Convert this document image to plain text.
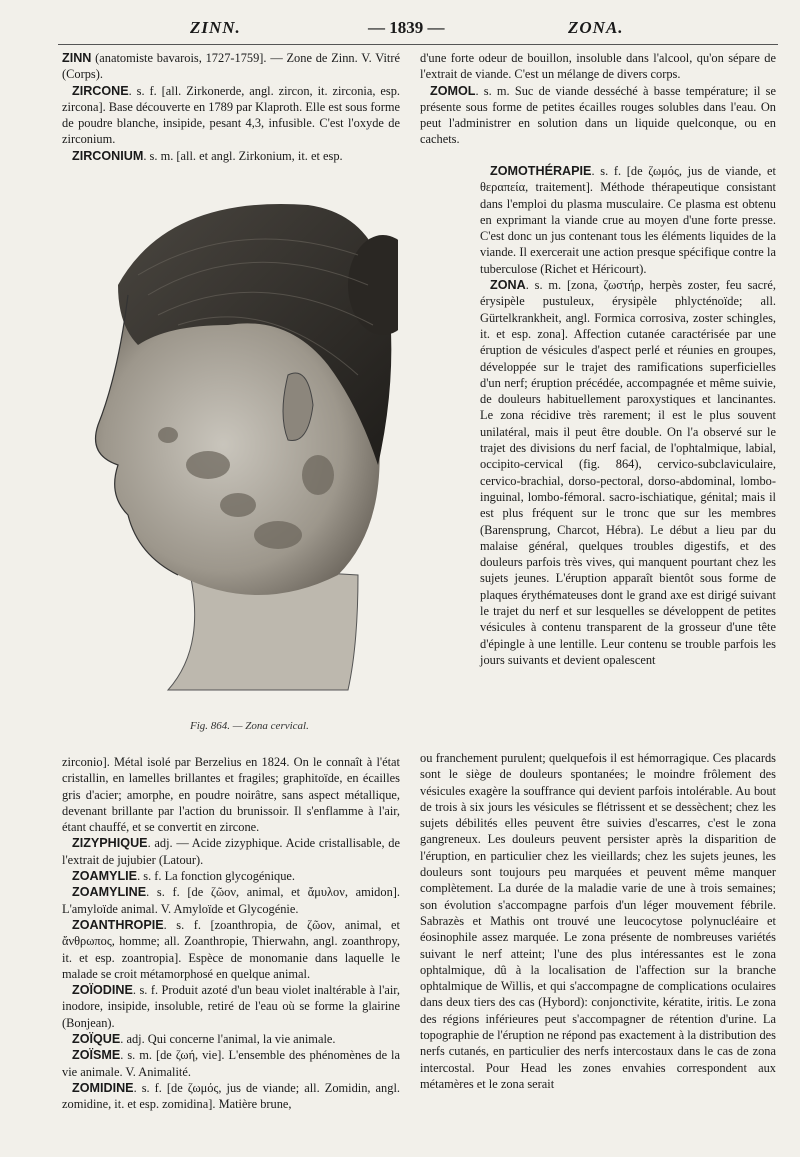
ZINN.	— 1839 —	ZONA.

ZINN (anatomiste bavarois, 1727-1759]. — Zone de Zinn. V. Vitré (Corps).

ZIRCONE. s. f. [all. Zirkonerde, angl. zircon, it. zirconia, esp. zircona]. Base découverte en 1789 par Klaproth. Elle est sous forme de poudre blanche, insipide, pesant 4,3, infusible. C'est l'oxyde de zirconium.

ZIRCONIUM. s. m. [all. et angl. Zirkonium, it. et esp.

Fig. 864. — Zona cervical.

zirconio]. Métal isolé par Berzelius en 1824. On le connaît à l'état cristallin, en lamelles brillantes et fragiles; graphitoïde, en écailles gris d'acier; amorphe, en poudre noirâtre, sans aspect métallique, devenant brillante par l'action du brunissoir. Il s'enflamme à l'air, étant chauffé, et se convertit en zircone.

ZIZYPHIQUE. adj. — Acide zizyphique. Acide cristallisable, de l'extrait de jujubier (Latour).

ZOAMYLIE. s. f. La fonction glycogénique.

ZOAMYLINE. s. f. [de ζῶον, animal, et ἄμυλον, amidon]. L'amyloïde animal. V. Amyloïde et Glycogénie.

ZOANTHROPIE. s. f. [zoanthropia, de ζῶον, animal, et ἄνθρωπος, homme; all. Zoanthropie, Thierwahn, angl. zoanthropy, it. et esp. zoantropia]. Espèce de monomanie dans laquelle le malade se croit métamorphosé en quelque animal.

ZOÏODINE. s. f. Produit azoté d'un beau violet inaltérable à l'air, inodore, insipide, insoluble, retiré de l'eau où se forme la glairine (Bonjean).

ZOÏQUE. adj. Qui concerne l'animal, la vie animale.

ZOÏSME. s. m. [de ζωή, vie]. L'ensemble des phénomènes de la vie animale. V. Animalité.

ZOMIDINE. s. f. [de ζωμός, jus de viande; all. Zomidin, angl. zomidine, it. et esp. zomidina]. Matière brune,

d'une forte odeur de bouillon, insoluble dans l'alcool, qu'on sépare de l'extrait de viande. C'est un mélange de divers corps.

ZOMOL. s. m. Suc de viande desséché à basse température; il se présente sous forme de petites écailles rouges solubles dans l'eau. On peut l'administrer en solution dans un liquide quelconque, ou en cachets.

ZOMOTHÉRAPIE. s. f. [de ζωμός, jus de viande, et θεραπεία, traitement]. Méthode thérapeutique consistant dans l'emploi du plasma musculaire. Ce plasma est obtenu en exprimant la viande crue au moyen d'une forte presse. C'est donc un jus contenant tous les éléments liquides de la viande. Il exercerait une action presque spécifique contre la tuberculose (Richet et Héricourt).

ZONA. s. m. [zona, ζωστήρ, herpès zoster, feu sacré, érysipèle pustuleux, érysipèle phlycténoïde; all. Gürtelkrankheit, angl. Formica corrosiva, zoster schingles, it. et esp. zona]. Affection cutanée caractérisée par une éruption de vésicules d'aspect perlé et réunies en groupes, développée sur le trajet des ramifications superficielles d'un nerf; éruption précédée, accompagnée et même suivie, de douleurs habituellement paroxystiques et lancinantes. Le zona récidive très rarement; il est le plus souvent unilatéral, mais il peut être double. On l'a observé sur le trajet des divisions du nerf facial, de l'ophtalmique, labial, occipito-cervical (fig. 864), cervico-subclaviculaire, cervico-brachial, dorso-pectoral, dorso-abdominal, lombo-inguinal, lombo-fémoral. sacro-ischiatique, génital; mais il est plus fréquent sur le tronc que sur les membres (Barensprung, Charcot, Hébra). Le début a lieu par du malaise général, quelques troubles digestifs, et des douleurs parfois très vives, qui manquent pourtant chez les sujets jeunes. L'éruption apparaît bientôt sous forme de plaques érythémateuses dont le grand axe est dirigé suivant le trajet du nerf et sur lesquelles se développent de petites vésicules à contenu transparent de la grosseur d'une tête d'épingle à une lentille. Leur contenu se trouble parfois les jours suivants et devient opalescent

ou franchement purulent; quelquefois il est hémorragique. Ces placards sont le siège de douleurs spontanées; le moindre frôlement des vésicules exagère la souffrance qui devient parfois intolérable. Au bout de trois à six jours les vésicules se flétrissent et se dessèchent; chez les sujets débilités elles peuvent être suivies d'escarres, c'est le zona gangreneux. Les douleurs peuvent persister après la disparition de l'éruption, en particulier chez les vieillards; chez les sujets jeunes, les douleurs sont toujours peu marquées et peuvent même manquer complètement. La durée de la maladie varie de une à trois semaines; son évolution s'accompagne parfois d'un léger mouvement fébrile. Sabrazès et Mathis ont trouvé une leucocytose polynucléaire et éosinophile assez marquée. Le zona présente de nombreuses variétés suivant le nerf atteint; l'une des plus intéressantes est le zona ophtalmique, dû à la localisation de l'affection sur la branche ophtalmique de Willis, et qui s'accompagne de complications oculaires dans deux tiers des cas (Hybord): conjonctivite, kératite, iritis. Le zona des régions inférieures peut s'accompagner de rétention d'urine. La topographie de l'éruption ne répond pas exactement à la distribution des nerfs cutanés, en particulier des nerfs intercostaux dans le cas de zona intercostal. Pour Head les zones envahies correspondent aux métamères et le zona serait
